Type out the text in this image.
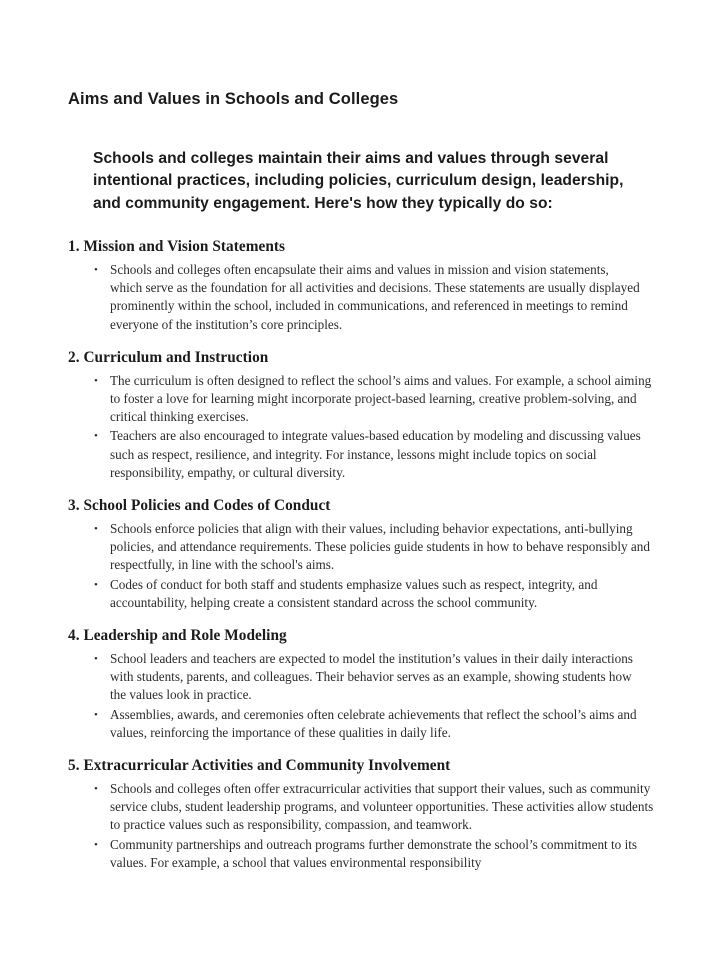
Aims and Values in Schools and Colleges

Schools and colleges maintain their aims and values through several intentional practices, including policies, curriculum design, leadership, and community engagement. Here's how they typically do so:

1. Mission and Vision Statements
• Schools and colleges often encapsulate their aims and values in mission and vision statements, which serve as the foundation for all activities and decisions. These statements are usually displayed prominently within the school, included in communications, and referenced in meetings to remind everyone of the institution’s core principles.
2. Curriculum and Instruction
• The curriculum is often designed to reflect the school’s aims and values. For example, a school aiming to foster a love for learning might incorporate project-based learning, creative problem-solving, and critical thinking exercises.
• Teachers are also encouraged to integrate values-based education by modeling and discussing values such as respect, resilience, and integrity. For instance, lessons might include topics on social responsibility, empathy, or cultural diversity.
3. School Policies and Codes of Conduct
• Schools enforce policies that align with their values, including behavior expectations, anti-bullying policies, and attendance requirements. These policies guide students in how to behave responsibly and respectfully, in line with the school's aims.
• Codes of conduct for both staff and students emphasize values such as respect, integrity, and accountability, helping create a consistent standard across the school community.
4. Leadership and Role Modeling
• School leaders and teachers are expected to model the institution’s values in their daily interactions with students, parents, and colleagues. Their behavior serves as an example, showing students how the values look in practice.
• Assemblies, awards, and ceremonies often celebrate achievements that reflect the school’s aims and values, reinforcing the importance of these qualities in daily life.
5. Extracurricular Activities and Community Involvement
• Schools and colleges often offer extracurricular activities that support their values, such as community service clubs, student leadership programs, and volunteer opportunities. These activities allow students to practice values such as responsibility, compassion, and teamwork.
• Community partnerships and outreach programs further demonstrate the school’s commitment to its values. For example, a school that values environmental responsibility
